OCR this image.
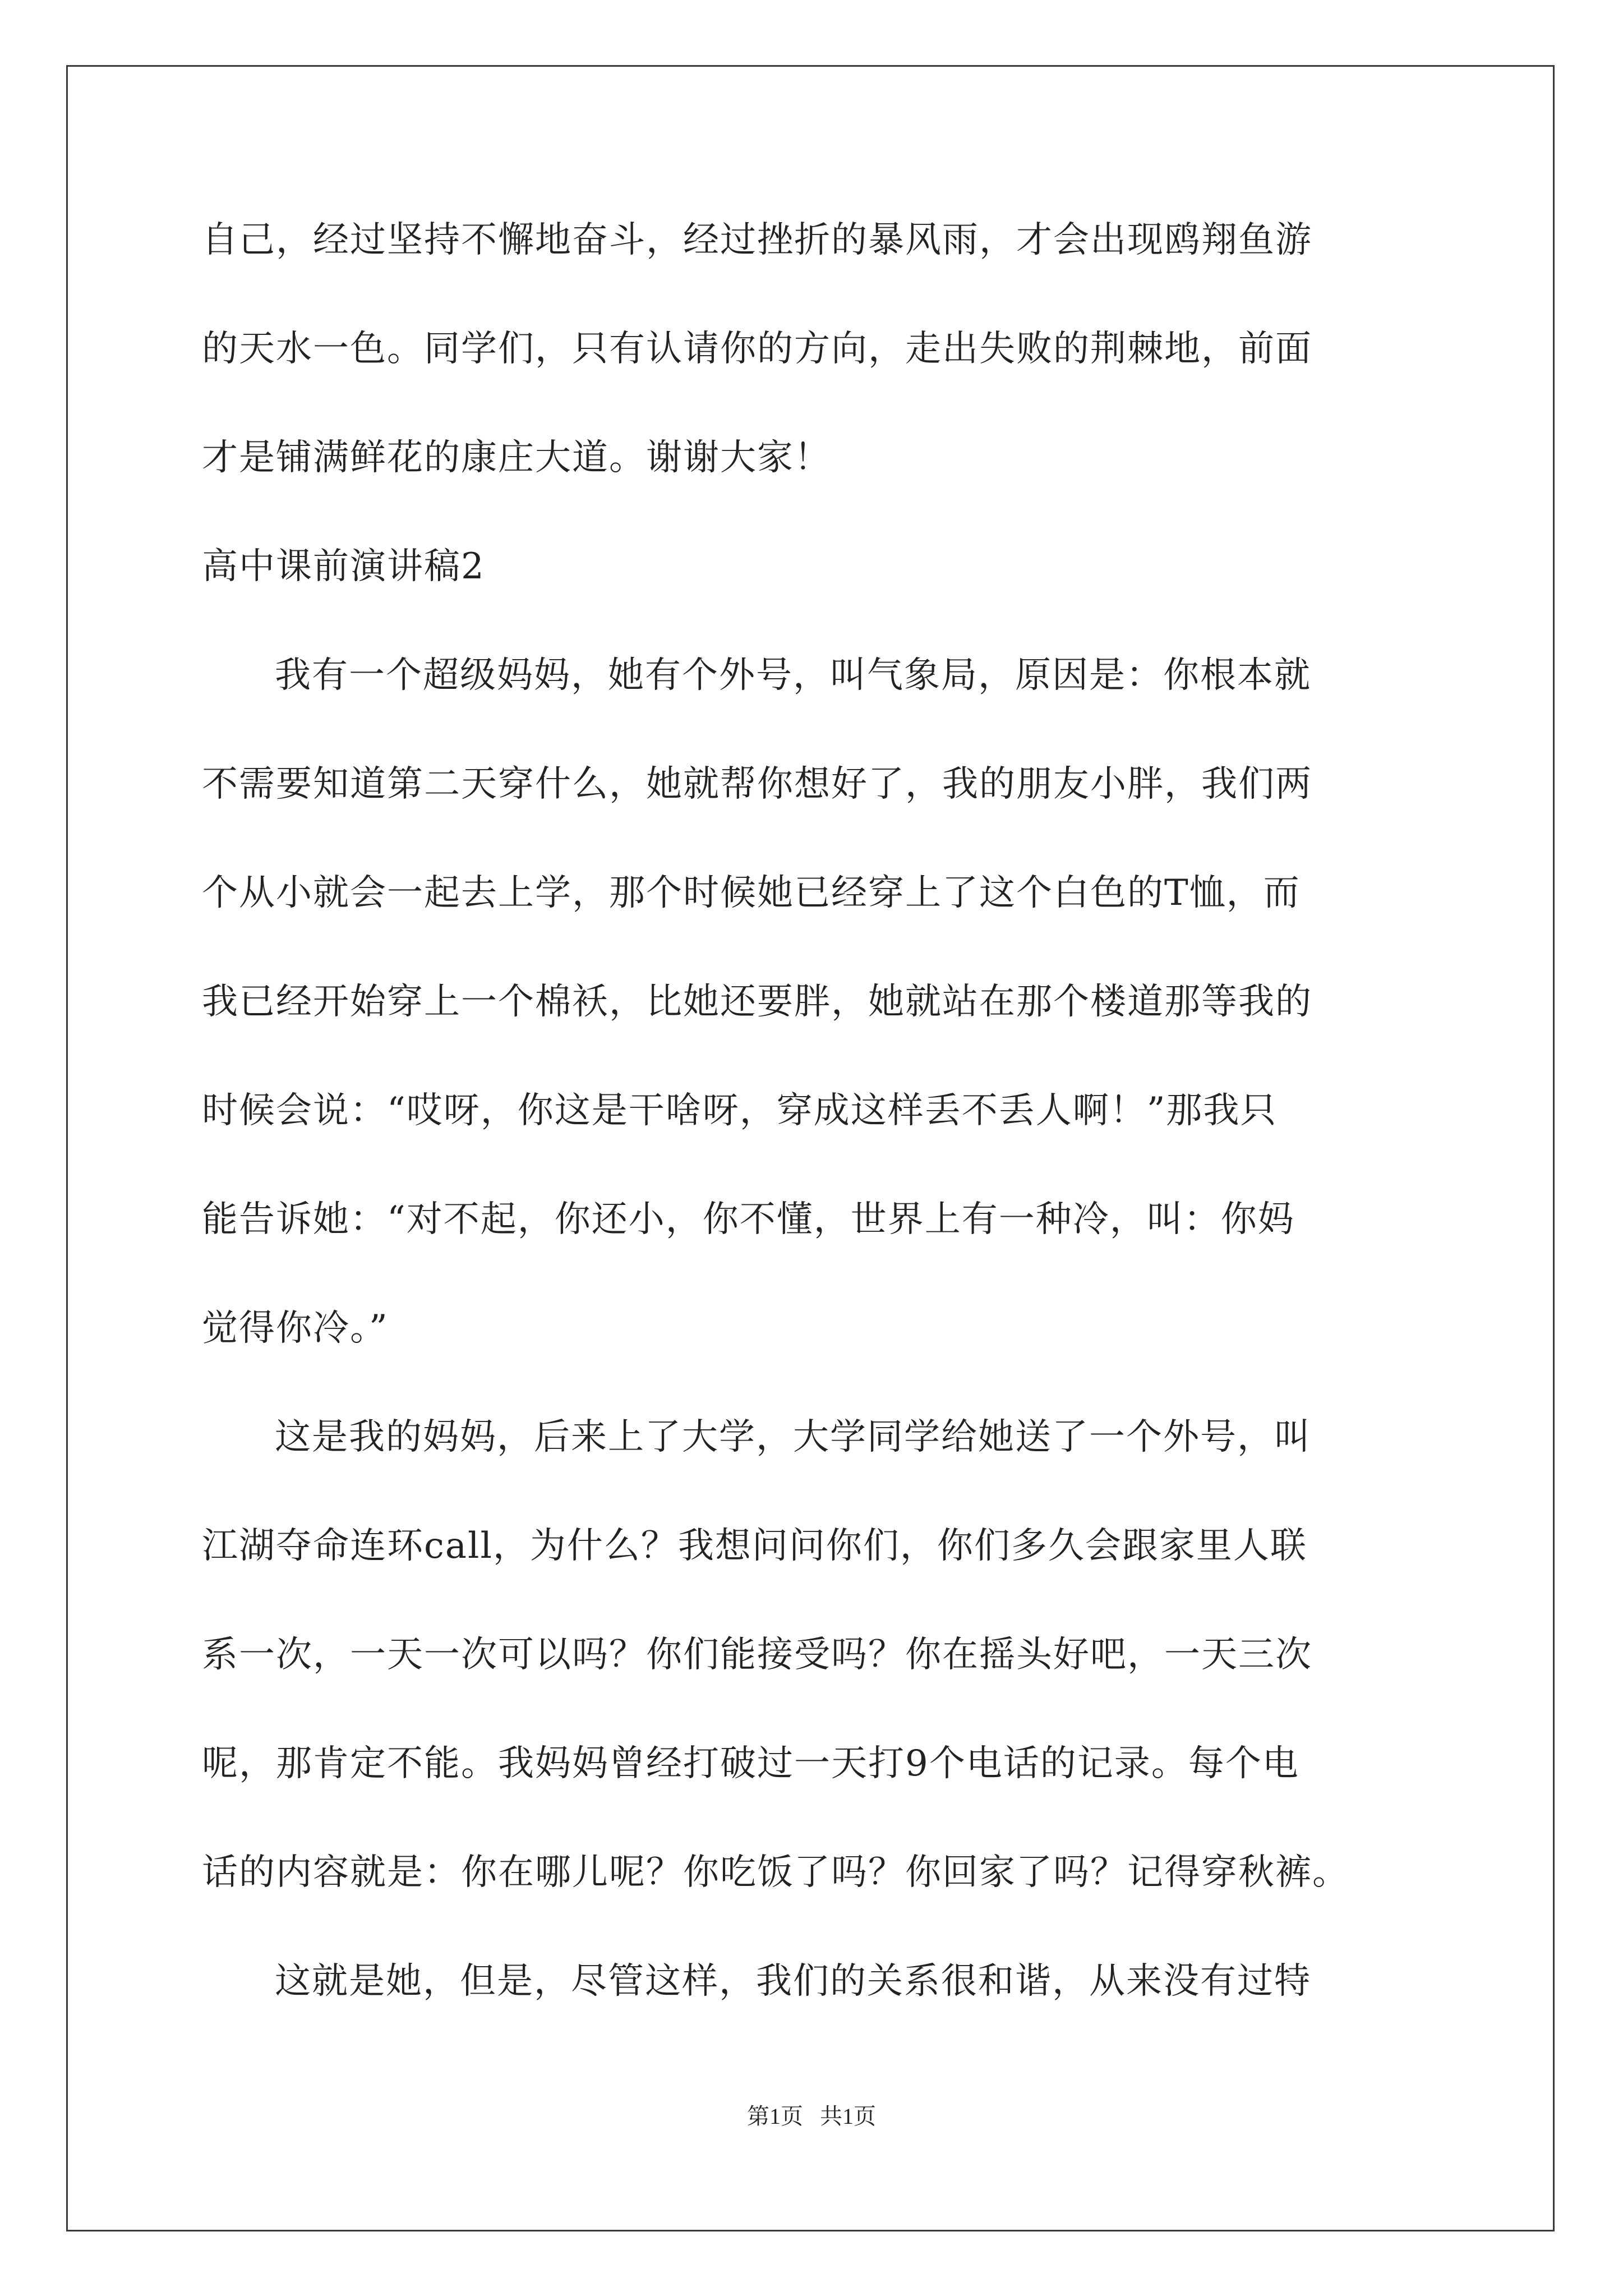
自己，经过坚持不懈地奋斗，经过挫折的暴风雨，才会出现鸥翔鱼游
的天水一色。同学们，只有认请你的方向，走出失败的荆棘地，前面
才是铺满鲜花的康庄大道。谢谢大家！
高中课前演讲稿2
我有一个超级妈妈，她有个外号，叫气象局，原因是：你根本就
不需要知道第二天穿什么，她就帮你想好了，我的朋友小胖，我们两
个从小就会一起去上学，那个时候她已经穿上了这个白色的T恤，而
我已经开始穿上一个棉袄，比她还要胖，她就站在那个楼道那等我的
时候会说：“哎呀，你这是干啥呀，穿成这样丢不丢人啊！”那我只
能告诉她：“对不起，你还小，你不懂，世界上有一种冷，叫：你妈
觉得你冷。”
这是我的妈妈，后来上了大学，大学同学给她送了一个外号，叫
江湖夺命连环call，为什么？我想问问你们，你们多久会跟家里人联
系一次，一天一次可以吗？你们能接受吗？你在摇头好吧，一天三次
呢，那肯定不能。我妈妈曾经打破过一天打9个电话的记录。每个电
话的内容就是：你在哪儿呢？你吃饭了吗？你回家了吗？记得穿秋裤。
这就是她，但是，尽管这样，我们的关系很和谐，从来没有过特
第1页   共1页
